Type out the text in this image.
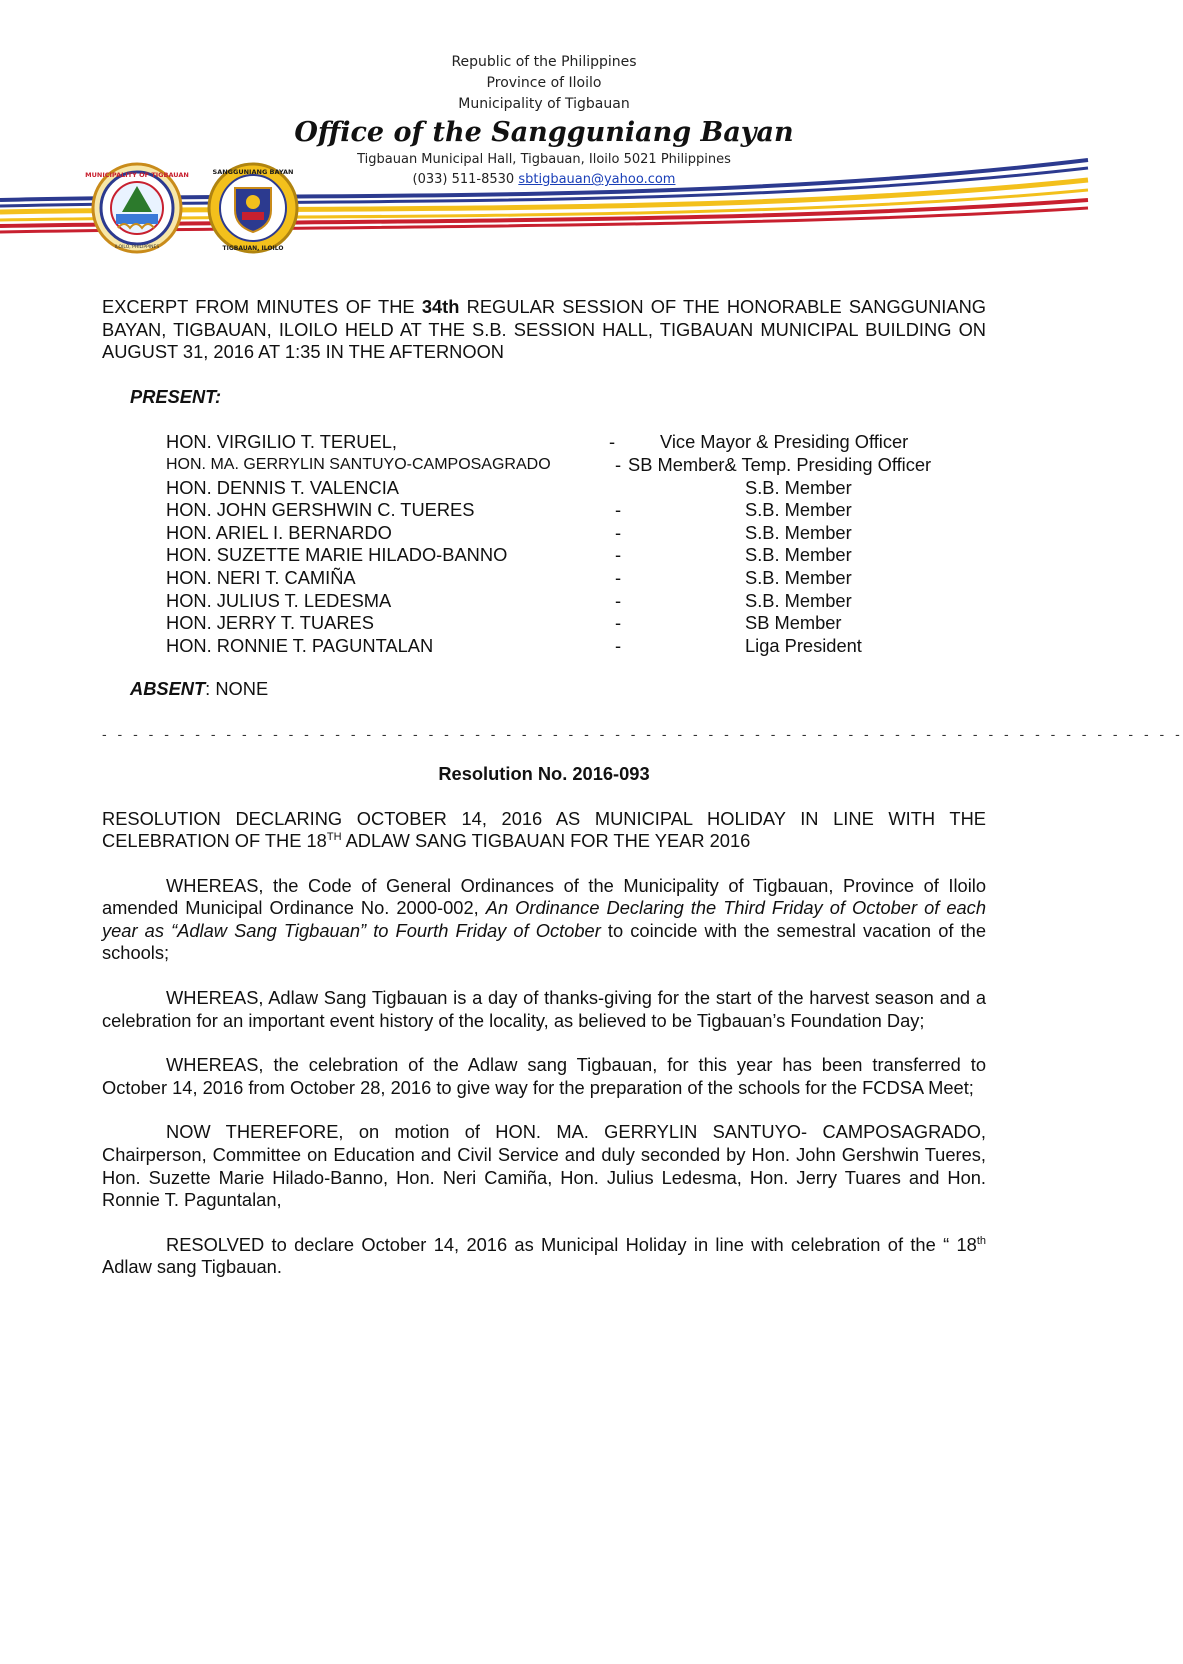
MUNICIPALITY OF TIGBAUAN
ILOILO, PHILIPPINES
SANGGUNIANG BAYAN
TIGBAUAN, ILOILO
Republic of the Philippines
Province of Iloilo
Municipality of Tigbauan
Office of the Sangguniang Bayan
Tigbauan Municipal Hall, Tigbauan, Iloilo 5021 Philippines
(033) 511-8530 sbtigbauan@yahoo.com
EXCERPT FROM MINUTES OF THE 34th REGULAR SESSION OF THE HONORABLE SANGGUNIANG BAYAN, TIGBAUAN, ILOILO HELD AT THE S.B. SESSION HALL, TIGBAUAN MUNICIPAL BUILDING ON AUGUST 31, 2016 AT 1:35 IN THE AFTERNOON
PRESENT:
HON. VIRGILIO T. TERUEL,	- Vice Mayor & Presiding Officer
HON. MA. GERRYLIN SANTUYO-CAMPOSAGRADO	- SB Member& Temp. Presiding Officer
HON. DENNIS T. VALENCIA	S.B. Member
HON. JOHN GERSHWIN C. TUERES	-	S.B. Member
HON. ARIEL I. BERNARDO	-	S.B. Member
HON. SUZETTE MARIE HILADO-BANNO	-	S.B. Member
HON. NERI T. CAMIÑA	-	S.B. Member
HON. JULIUS T. LEDESMA	-	S.B. Member
HON. JERRY T. TUARES	-	SB Member
HON. RONNIE T. PAGUNTALAN	-	Liga President
ABSENT: NONE
- - - - - - - - - - - - - - - - - - - - - - - - - - - - - - - - - - - - - - - - - - - - - - - - - - - - - - - - - - - - - - - - - - - - - -
Resolution No. 2016-093
RESOLUTION DECLARING OCTOBER 14, 2016 AS MUNICIPAL HOLIDAY IN LINE WITH THE CELEBRATION OF THE 18TH ADLAW SANG TIGBAUAN FOR THE YEAR 2016
WHEREAS, the Code of General Ordinances of the Municipality of Tigbauan, Province of Iloilo amended Municipal Ordinance No. 2000-002, An Ordinance Declaring the Third Friday of October of each year as “Adlaw Sang Tigbauan” to Fourth Friday of October to coincide with the semestral vacation of the schools;
WHEREAS, Adlaw Sang Tigbauan is a day of thanks-giving for the start of the harvest season and a celebration for an important event history of the locality, as believed to be Tigbauan’s Foundation Day;
WHEREAS, the celebration of the Adlaw sang Tigbauan, for this year has been transferred to October 14, 2016 from October 28, 2016 to give way for the preparation of the schools for the FCDSA Meet;
NOW THEREFORE, on motion of HON. MA. GERRYLIN SANTUYO- CAMPOSAGRADO, Chairperson, Committee on Education and Civil Service and duly seconded by Hon. John Gershwin Tueres, Hon. Suzette Marie Hilado-Banno, Hon. Neri Camiña, Hon. Julius Ledesma, Hon. Jerry Tuares and Hon. Ronnie T. Paguntalan,
RESOLVED to declare October 14, 2016 as Municipal Holiday in line with celebration of the “ 18th Adlaw sang Tigbauan.
